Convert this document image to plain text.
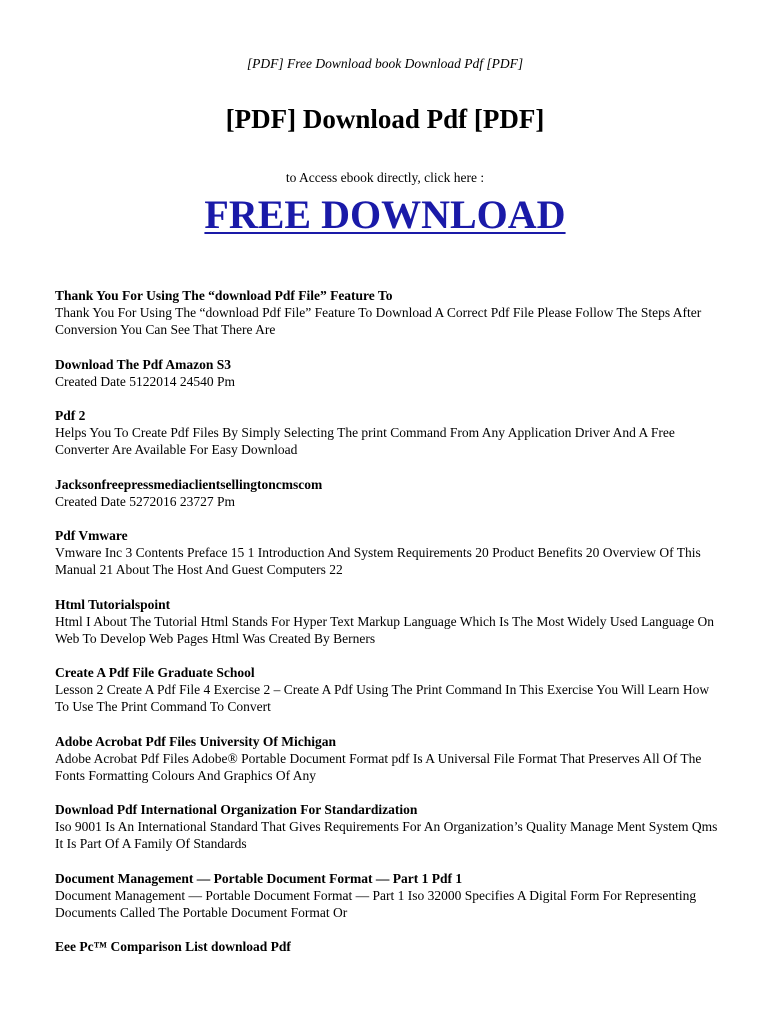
[PDF] Free Download book Download Pdf [PDF]
[PDF] Download Pdf [PDF]
to Access ebook directly, click here :
FREE DOWNLOAD
Thank You For Using The “download Pdf File” Feature To
Thank You For Using The “download Pdf File” Feature To Download A Correct Pdf File Please Follow The Steps After Conversion You Can See That There Are
Download The Pdf Amazon S3
Created Date 5122014 24540 Pm
Pdf 2
Helps You To Create Pdf Files By Simply Selecting The print Command From Any Application Driver And A Free Converter Are Available For Easy Download
Jacksonfreepressmediaclientsellingtoncmscom
Created Date 5272016 23727 Pm
Pdf Vmware
Vmware Inc 3 Contents Preface 15 1 Introduction And System Requirements 20 Product Benefits 20 Overview Of This Manual 21 About The Host And Guest Computers 22
Html Tutorialspoint
Html I About The Tutorial Html Stands For Hyper Text Markup Language Which Is The Most Widely Used Language On Web To Develop Web Pages Html Was Created By Berners
Create A Pdf File Graduate School
Lesson 2 Create A Pdf File 4 Exercise 2 – Create A Pdf Using The Print Command In This Exercise You Will Learn How To Use The Print Command To Convert
Adobe Acrobat Pdf Files University Of Michigan
Adobe Acrobat Pdf Files Adobe® Portable Document Format pdf Is A Universal File Format That Preserves All Of The Fonts Formatting Colours And Graphics Of Any
Download Pdf International Organization For Standardization
Iso 9001 Is An International Standard That Gives Requirements For An Organization’s Quality Manage Ment System Qms It Is Part Of A Family Of Standards
Document Management — Portable Document Format — Part 1 Pdf 1
Document Management — Portable Document Format — Part 1 Iso 32000 Specifies A Digital Form For Representing Documents Called The Portable Document Format Or
Eee Pc™ Comparison List download Pdf
